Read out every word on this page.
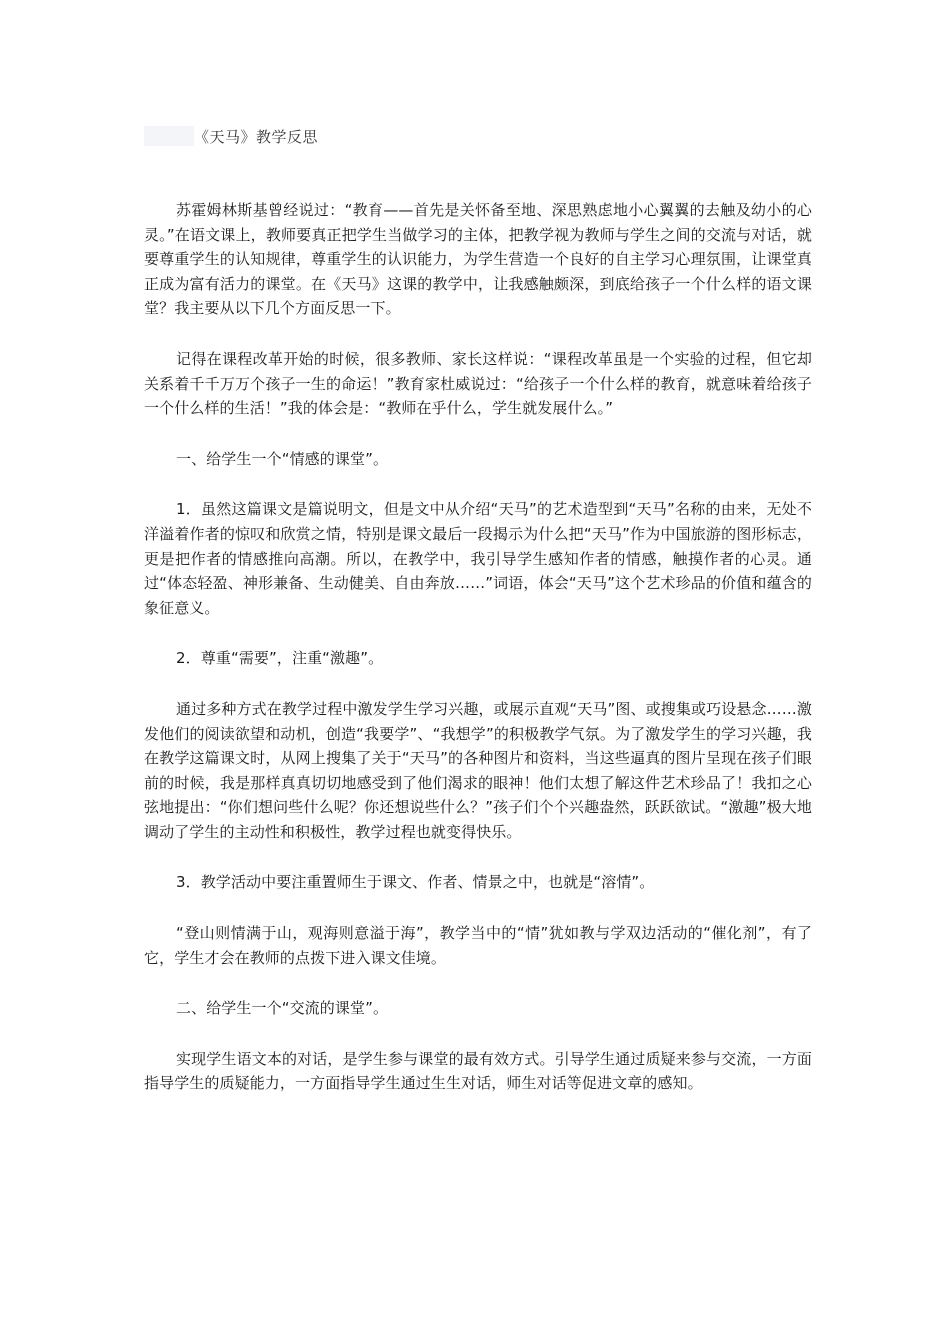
《天马》教学反思

苏霍姆林斯基曾经说过：“教育——首先是关怀备至地、深思熟虑地小心翼翼的去触及幼小的心灵。”在语文课上，教师要真正把学生当做学习的主体，把教学视为教师与学生之间的交流与对话，就要尊重学生的认知规律，尊重学生的认识能力，为学生营造一个良好的自主学习心理氛围，让课堂真正成为富有活力的课堂。在《天马》这课的教学中，让我感触颇深，到底给孩子一个什么样的语文课堂？我主要从以下几个方面反思一下。

记得在课程改革开始的时候，很多教师、家长这样说：“课程改革虽是一个实验的过程，但它却关系着千千万万个孩子一生的命运！”教育家杜威说过：“给孩子一个什么样的教育，就意味着给孩子一个什么样的生活！”我的体会是：“教师在乎什么，学生就发展什么。”

一、给学生一个“情感的课堂”。

1．虽然这篇课文是篇说明文，但是文中从介绍“天马”的艺术造型到“天马”名称的由来，无处不洋溢着作者的惊叹和欣赏之情，特别是课文最后一段揭示为什么把“天马”作为中国旅游的图形标志，更是把作者的情感推向高潮。所以，在教学中，我引导学生感知作者的情感，触摸作者的心灵。通过“体态轻盈、神形兼备、生动健美、自由奔放……”词语，体会“天马”这个艺术珍品的价值和蕴含的象征意义。

2．尊重“需要”，注重“激趣”。

通过多种方式在教学过程中激发学生学习兴趣，或展示直观“天马”图、或搜集或巧设悬念……激发他们的阅读欲望和动机，创造“我要学”、“我想学”的积极教学气氛。为了激发学生的学习兴趣，我在教学这篇课文时，从网上搜集了关于“天马”的各种图片和资料，当这些逼真的图片呈现在孩子们眼前的时候，我是那样真真切切地感受到了他们渴求的眼神！他们太想了解这件艺术珍品了！我扣之心弦地提出：“你们想问些什么呢？你还想说些什么？”孩子们个个兴趣盎然，跃跃欲试。“激趣”极大地调动了学生的主动性和积极性，教学过程也就变得快乐。

3．教学活动中要注重置师生于课文、作者、情景之中，也就是“溶情”。

“登山则情满于山，观海则意溢于海”，教学当中的“情”犹如教与学双边活动的“催化剂”，有了它，学生才会在教师的点拨下进入课文佳境。

二、给学生一个“交流的课堂”。

实现学生语文本的对话，是学生参与课堂的最有效方式。引导学生通过质疑来参与交流，一方面指导学生的质疑能力，一方面指导学生通过生生对话，师生对话等促进文章的感知。
